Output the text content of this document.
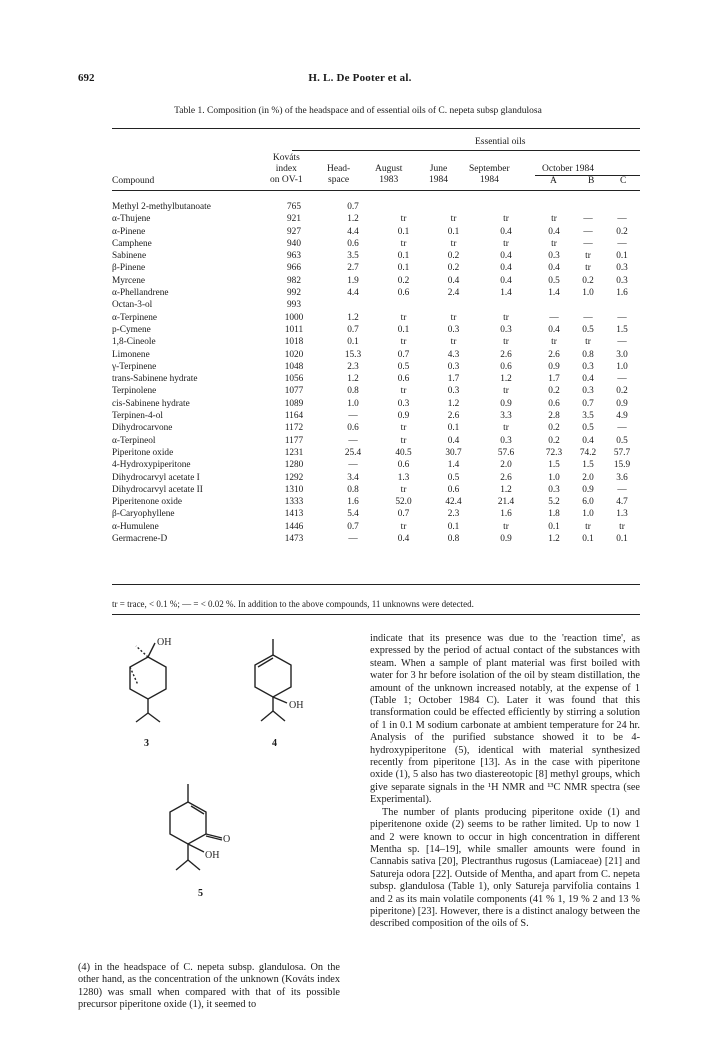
692	H. L. De Pooter et al.
Table 1. Composition (in %) of the headspace and of essential oils of C. nepeta subsp glandulosa
Essential oils
Kováts
index
on OV-1
Head-
space
August
1983
June
1984
September
1984
October 1984
A	B	C
Compound
Methyl 2-methylbutanoate	765	0.7						
α-Thujene	921	1.2	tr	tr	tr	tr	—	—
α-Pinene	927	4.4	0.1	0.1	0.4	0.4	—	0.2
Camphene	940	0.6	tr	tr	tr	tr	—	—
Sabinene	963	3.5	0.1	0.2	0.4	0.3	tr	0.1
β-Pinene	966	2.7	0.1	0.2	0.4	0.4	tr	0.3
Myrcene	982	1.9	0.2	0.4	0.4	0.5	0.2	0.3
α-Phellandrene	992	4.4	0.6	2.4	1.4	1.4	1.0	1.6
Octan-3-ol	993							
α-Terpinene	1000	1.2	tr	tr	tr	—	—	—
p-Cymene	1011	0.7	0.1	0.3	0.3	0.4	0.5	1.5
1,8-Cineole	1018	0.1	tr	tr	tr	tr	tr	—
Limonene	1020	15.3	0.7	4.3	2.6	2.6	0.8	3.0
γ-Terpinene	1048	2.3	0.5	0.3	0.6	0.9	0.3	1.0
trans-Sabinene hydrate	1056	1.2	0.6	1.7	1.2	1.7	0.4	—
Terpinolene	1077	0.8	tr	0.3	tr	0.2	0.3	0.2
cis-Sabinene hydrate	1089	1.0	0.3	1.2	0.9	0.6	0.7	0.9
Terpinen-4-ol	1164	—	0.9	2.6	3.3	2.8	3.5	4.9
Dihydrocarvone	1172	0.6	tr	0.1	tr	0.2	0.5	—
α-Terpineol	1177	—	tr	0.4	0.3	0.2	0.4	0.5
Piperitone oxide	1231	25.4	40.5	30.7	57.6	72.3	74.2	57.7
4-Hydroxypiperitone	1280	—	0.6	1.4	2.0	1.5	1.5	15.9
Dihydrocarvyl acetate I	1292	3.4	1.3	0.5	2.6	1.0	2.0	3.6
Dihydrocarvyl acetate II	1310	0.8	tr	0.6	1.2	0.3	0.9	—
Piperitenone oxide	1333	1.6	52.0	42.4	21.4	5.2	6.0	4.7
β-Caryophyllene	1413	5.4	0.7	2.3	1.6	1.8	1.0	1.3
α-Humulene	1446	0.7	tr	0.1	tr	0.1	tr	tr
Germacrene-D	1473	—	0.4	0.8	0.9	1.2	0.1	0.1
tr = trace, < 0.1 %; — = < 0.02 %. In addition to the above compounds, 11 unknowns were detected.
OH
3
OH
4
O
OH
5

(4) in the headspace of C. nepeta subsp. glandulosa. On the other hand, as the concentration of the unknown (Kováts index 1280) was small when compared with that of its possible precursor piperitone oxide (1), it seemed to

indicate that its presence was due to the 'reaction time', as expressed by the period of actual contact of the substances with steam. When a sample of plant material was first boiled with water for 3 hr before isolation of the oil by steam distillation, the amount of the unknown increased notably, at the expense of 1 (Table 1; October 1984 C). Later it was found that this transformation could be effected efficiently by stirring a solution of 1 in 0.1 M sodium carbonate at ambient temperature for 24 hr. Analysis of the purified substance showed it to be 4-hydroxypiperitone (5), identical with material synthesized recently from piperitone [13]. As in the case with piperitone oxide (1), 5 also has two diastereotopic [8] methyl groups, which give separate signals in the ¹H NMR and ¹³C NMR spectra (see Experimental).

The number of plants producing piperitone oxide (1) and piperitenone oxide (2) seems to be rather limited. Up to now 1 and 2 were known to occur in high concentration in different Mentha sp. [14–19], while smaller amounts were found in Cannabis sativa [20], Plectranthus rugosus (Lamiaceae) [21] and Satureja odora [22]. Outside of Mentha, and apart from C. nepeta subsp. glandulosa (Table 1), only Satureja parvifolia contains 1 and 2 as its main volatile components (41 % 1, 19 % 2 and 13 % piperitone) [23]. However, there is a distinct analogy between the described composition of the oils of S.
